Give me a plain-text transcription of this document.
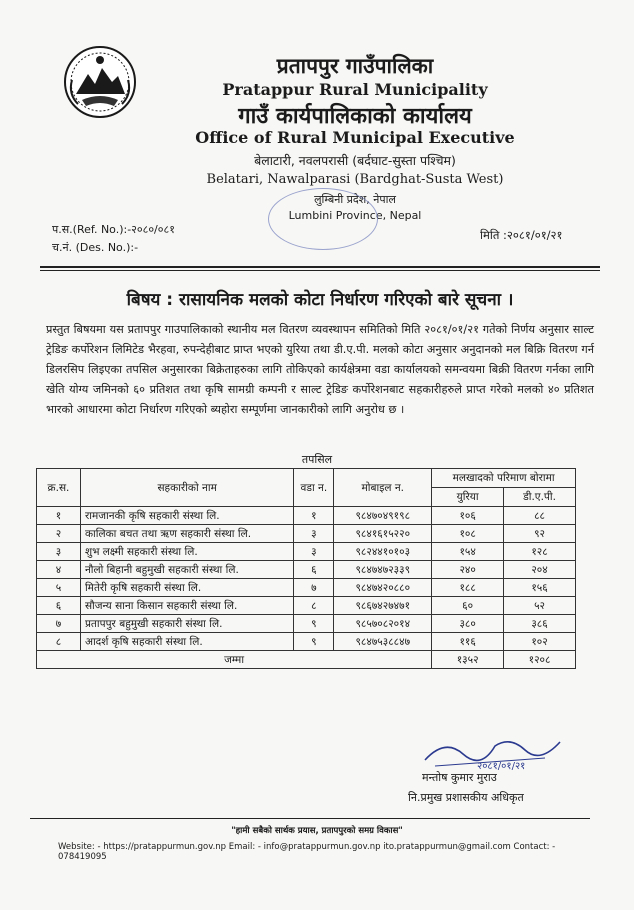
प्रतापपुर गाउँपालिका
Pratappur Rural Municipality
गाउँ कार्यपालिकाको कार्यालय
Office of Rural Municipal Executive
बेलाटारी, नवलपरासी (बर्दघाट-सुस्ता पश्चिम)
Belatari, Nawalparasi (Bardghat-Susta West)
लुम्बिनी प्रदेश, नेपाल
Lumbini Province, Nepal
प.स.(Ref. No.):-२०८०/०८१
च.नं. (Des. No.):-
मिति :२०८१/०१/२१
बिषय : रासायनिक मलको कोटा निर्धारण गरिएको बारे सूचना ।
प्रस्तुत बिषयमा यस प्रतापपुर गाउपालिकाको स्थानीय मल वितरण व्यवस्थापन समितिको मिति २०८१/०१/२१ गतेको निर्णय अनुसार साल्ट ट्रेडिङ कर्पोरेशन लिमिटेड भैरहवा, रुपन्देहीबाट प्राप्त भएको युरिया तथा डी.ए.पी. मलको कोटा अनुसार अनुदानको मल बिक्रि वितरण गर्न डिलरसिप लिइएका तपसिल अनुसारका बिक्रेताहरुका लागि तोकिएको कार्यक्षेत्रमा वडा कार्यालयको समन्वयमा बिक्री वितरण गर्नका लागि खेति योग्य जमिनको ६० प्रतिशत तथा कृषि सामग्री कम्पनी र साल्ट ट्रेडिङ कर्पोरेशनबाट सहकारीहरुले प्राप्त गरेको मलको ४० प्रतिशत भारको आधारमा कोटा निर्धारण गरिएको ब्यहोरा सम्पूर्णमा जानकारीको लागि अनुरोध छ ।
तपसिल
क्र.स.	सहकारीको नाम	वडा न.	मोबाइल न.	मलखादको परिमाण बोरामा	
				युरिया	डी.ए.पी.
१	रामजानकी कृषि सहकारी संस्था लि.	१	९८४७०४९१९८	१०६	८८
२	कालिका बचत तथा ऋण सहकारी संस्था लि.	३	९८४१६१५२२०	१०८	९२
३	शुभ लक्ष्मी सहकारी संस्था लि.	३	९८२४४१०१०३	१५४	१२८
४	नौलो बिहानी बहुमुखी सहकारी संस्था लि.	६	९८४७४७२३३९	२४०	२०४
५	मितेरी कृषि सहकारी संस्था लि.	७	९८४७४२०८८०	१८८	१५६
६	सौजन्य साना किसान सहकारी संस्था लि.	८	९८६७४२७४७१	६०	५२
७	प्रतापपुर बहुमुखी सहकारी संस्था लि.	९	९८५७०८२०१४	३८०	३८६
८	आदर्श कृषि सहकारी संस्था लि.	९	९८४७५३८८४७	११६	१०२
जम्मा				१३५२	१२०८
२०८१/०१/२१
मन्तोष कुमार मुराउ
नि.प्रमुख प्रशासकीय अधिकृत
"हामी सबैको सार्थक प्रयास, प्रतापपुरको समग्र विकास"
Website: - https://pratappurmun.gov.np Email: - info@pratappurmun.gov.np ito.pratappurmun@gmail.com Contact: - 078419095
